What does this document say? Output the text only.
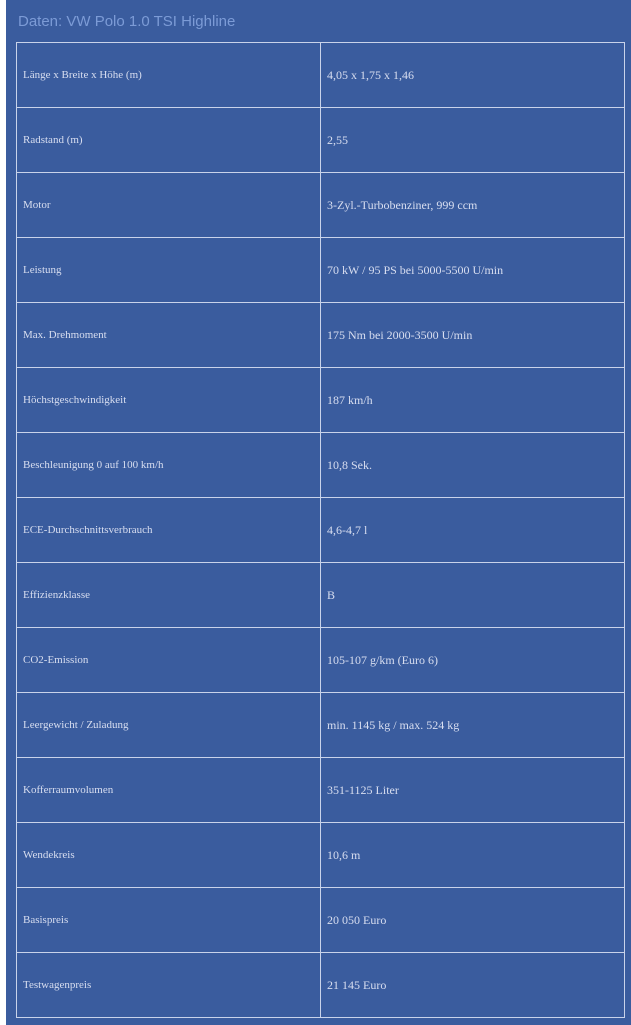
Daten: VW Polo 1.0 TSI Highline
Länge x Breite x Höhe (m)	4,05 x 1,75 x 1,46
Radstand (m)	2,55
Motor	3-Zyl.-Turbobenziner, 999 ccm
Leistung	70 kW / 95 PS bei 5000-5500 U/min
Max. Drehmoment	175 Nm bei 2000-3500 U/min
Höchstgeschwindigkeit	187 km/h
Beschleunigung 0 auf 100 km/h	10,8 Sek.
ECE-Durchschnittsverbrauch	4,6-4,7 l
Effizienzklasse	B
CO2-Emission	105-107 g/km (Euro 6)
Leergewicht / Zuladung	min. 1145 kg / max. 524 kg
Kofferraumvolumen	351-1125 Liter
Wendekreis	10,6 m
Basispreis	20 050 Euro
Testwagenpreis	21 145 Euro
